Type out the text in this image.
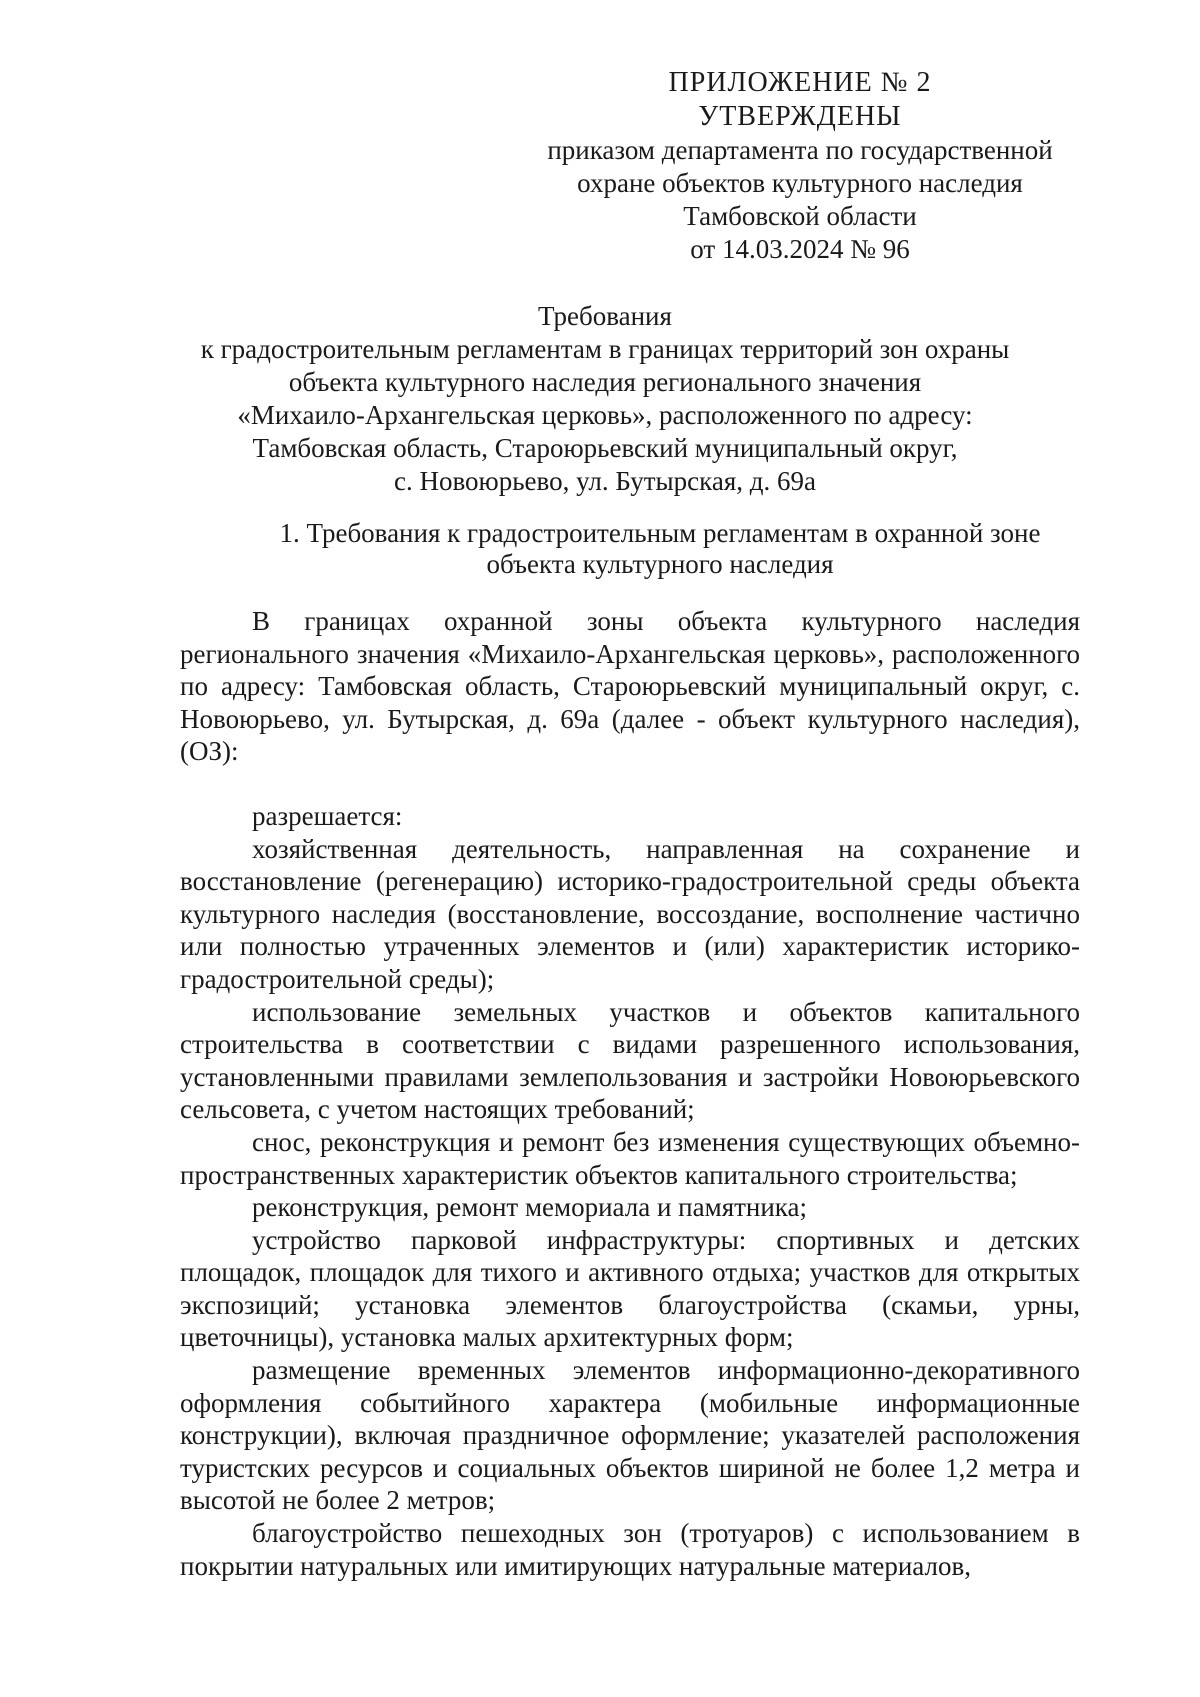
ПРИЛОЖЕНИЕ № 2
УТВЕРЖДЕНЫ
приказом департамента по государственной
охране объектов культурного наследия
Тамбовской области
от 14.03.2024 № 96
Требования
к градостроительным регламентам в границах территорий зон охраны
объекта культурного наследия регионального значения
«Михаило-Архангельская церковь», расположенного по адресу:
Тамбовская область, Староюрьевский муниципальный округ,
с. Новоюрьево, ул. Бутырская, д. 69а
1. Требования к градостроительным регламентам в охранной зоне
объекта культурного наследия

В границах охранной зоны объекта культурного наследия регионального значения «Михаило-Архангельская церковь», расположенного по адресу: Тамбовская область, Староюрьевский муниципальный округ, с. Новоюрьево, ул. Бутырская, д. 69а (далее - объект культурного наследия), (ОЗ):

разрешается:

хозяйственная деятельность, направленная на сохранение и восстановление (регенерацию) историко-градостроительной среды объекта культурного наследия (восстановление, воссоздание, восполнение частично или полностью утраченных элементов и (или) характеристик историко-градостроительной среды);

использование земельных участков и объектов капитального строительства в соответствии с видами разрешенного использования, установленными правилами землепользования и застройки Новоюрьевского сельсовета, с учетом настоящих требований;

снос, реконструкция и ремонт без изменения существующих объемно-пространственных характеристик объектов капитального строительства;

реконструкция, ремонт мемориала и памятника;

устройство парковой инфраструктуры: спортивных и детских площадок, площадок для тихого и активного отдыха; участков для открытых экспозиций; установка элементов благоустройства (скамьи, урны, цветочницы), установка малых архитектурных форм;

размещение временных элементов информационно-декоративного оформления событийного характера (мобильные информационные конструкции), включая праздничное оформление; указателей расположения туристских ресурсов и социальных объектов шириной не более 1,2 метра и высотой не более 2 метров;

благоустройство пешеходных зон (тротуаров) с использованием в покрытии натуральных или имитирующих натуральные материалов,
